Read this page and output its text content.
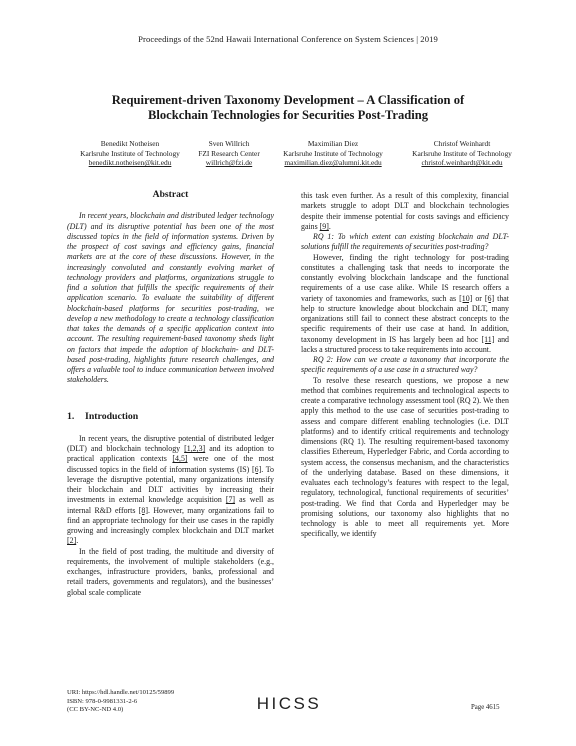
Proceedings of the 52nd Hawaii International Conference on System Sciences | 2019
Requirement-driven Taxonomy Development – A Classification of
Blockchain Technologies for Securities Post-Trading
Benedikt Notheisen
Karlsruhe Institute of Technology
benedikt.notheisen@kit.edu
Sven Willrich
FZI Research Center
willrich@fzi.de
Maximilian Diez
Karlsruhe Institute of Technology
maximilian.diez@alumni.kit.edu
Christof Weinhardt
Karlsruhe Institute of Technology
christof.weinhardt@kit.edu
Abstract

In recent years, blockchain and distributed ledger technology (DLT) and its disruptive potential has been one of the most discussed topics in the field of information systems. Driven by the prospect of cost savings and efficiency gains, financial markets are at the core of these discussions. However, in the increasingly convoluted and constantly evolving market of technology providers and platforms, organizations struggle to find a solution that fulfills the specific requirements of their application scenario. To evaluate the suitability of different blockchain-based platforms for securities post-trading, we develop a new methodology to create a technology classification that takes the demands of a specific application context into account. The resulting requirement-based taxonomy sheds light on factors that impede the adoption of blockchain- and DLT-based post-trading, highlights future research challenges, and offers a valuable tool to induce communication between involved stakeholders.

1. Introduction

In recent years, the disruptive potential of distributed ledger (DLT) and blockchain technology [1,2,3] and its adoption to practical application contexts [4,5] were one of the most discussed topics in the field of information systems (IS) [6]. To leverage the disruptive potential, many organizations intensify their blockchain and DLT activities by increasing their investments in external knowledge acquisition [7] as well as internal R&D efforts [8]. However, many organizations fail to find an appropriate technology for their use cases in the rapidly growing and increasingly complex blockchain and DLT market [2].

In the field of post trading, the multitude and diversity of requirements, the involvement of multiple stakeholders (e.g., exchanges, infrastructure providers, banks, professional and retail traders, governments and regulators), and the businesses’ global scale complicate

this task even further. As a result of this complexity, financial markets struggle to adopt DLT and blockchain technologies despite their immense potential for costs savings and efficiency gains [9].

RQ 1: To which extent can existing blockchain and DLT-solutions fulfill the requirements of securities post-trading?

However, finding the right technology for post-trading constitutes a challenging task that needs to incorporate the constantly evolving blockchain landscape and the functional requirements of a use case alike. While IS research offers a variety of taxonomies and frameworks, such as [10] or [6] that help to structure knowledge about blockchain and DLT, many organizations still fail to connect these abstract concepts to the specific requirements of their use case at hand. In addition, taxonomy development in IS has largely been ad hoc [11] and lacks a structured process to take requirements into account.

RQ 2: How can we create a taxonomy that incorporate the specific requirements of a use case in a structured way?

To resolve these research questions, we propose a new method that combines requirements and technological aspects to create a comparative technology assessment tool (RQ 2). We then apply this method to the use case of securities post-trading to assess and compare different enabling technologies (i.e. DLT platforms) and to identify critical requirements and technology dimensions (RQ 1). The resulting requirement-based taxonomy classifies Ethereum, Hyperledger Fabric, and Corda according to system access, the consensus mechanism, and the characteristics of the underlying database. Based on these dimensions, it evaluates each technology’s features with respect to the legal, regulatory, technological, functional requirements of securities’ post-trading. We find that Corda and Hyperledger may be promising solutions, our taxonomy also highlights that no technology is able to meet all requirements yet. More specifically, we identify

URI: https://hdl.handle.net/10125/59899
ISBN: 978-0-9981331-2-6
(CC BY-NC-ND 4.0)	HICSS	Page 4615
